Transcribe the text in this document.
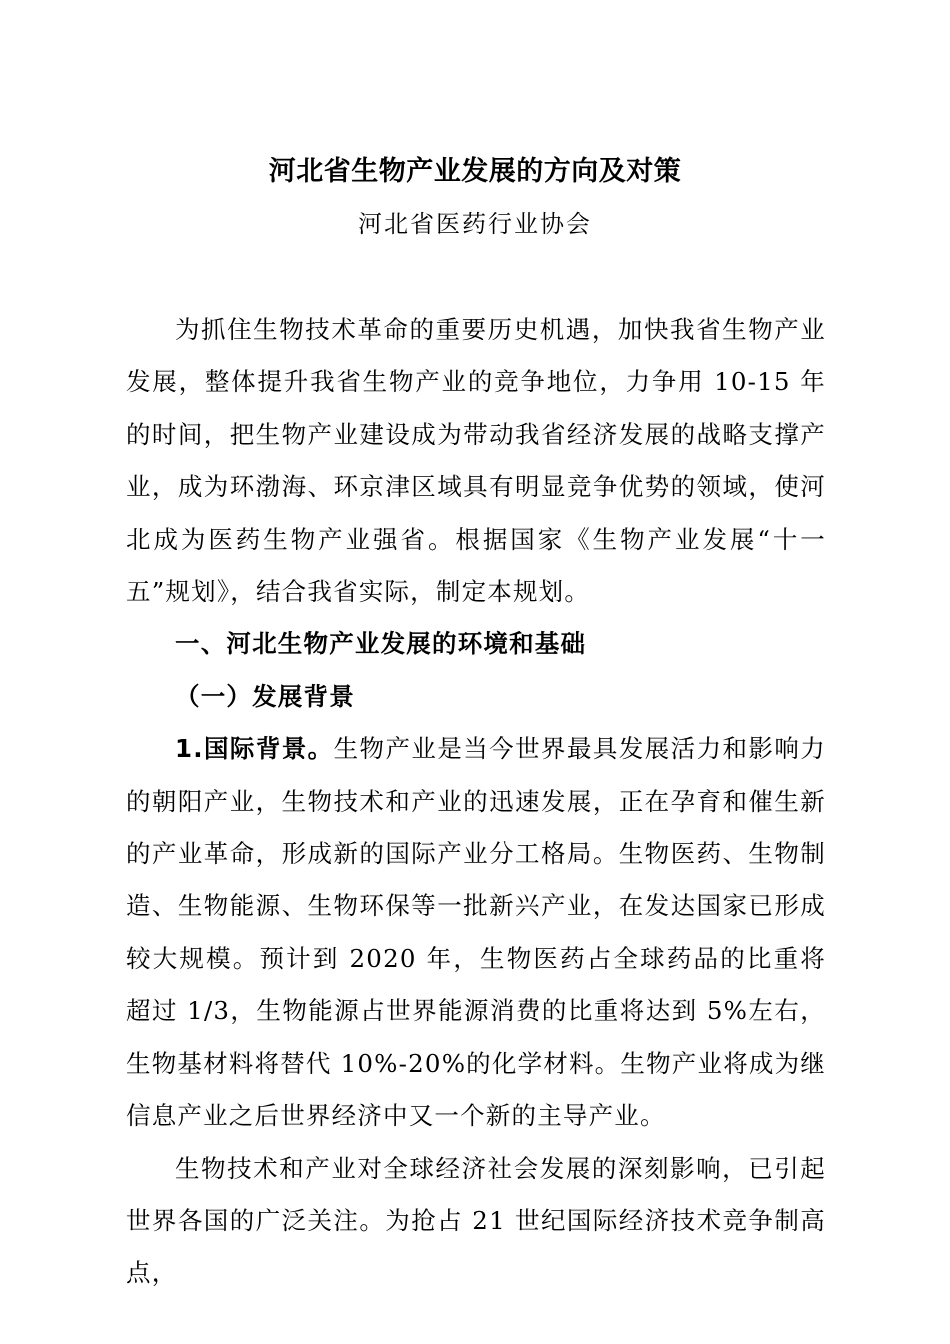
河北省生物产业发展的方向及对策
河北省医药行业协会

为抓住生物技术革命的重要历史机遇，加快我省生物产业发展，整体提升我省生物产业的竞争地位，力争用 10-15 年的时间，把生物产业建设成为带动我省经济发展的战略支撑产业，成为环渤海、环京津区域具有明显竞争优势的领域，使河北成为医药生物产业强省。根据国家《生物产业发展“十一五”规划》，结合我省实际，制定本规划。

一、河北生物产业发展的环境和基础

（一）发展背景

1.国际背景。生物产业是当今世界最具发展活力和影响力的朝阳产业，生物技术和产业的迅速发展，正在孕育和催生新的产业革命，形成新的国际产业分工格局。生物医药、生物制造、生物能源、生物环保等一批新兴产业，在发达国家已形成较大规模。预计到 2020 年，生物医药占全球药品的比重将超过 1/3，生物能源占世界能源消费的比重将达到 5%左右，生物基材料将替代 10%-20%的化学材料。生物产业将成为继信息产业之后世界经济中又一个新的主导产业。

生物技术和产业对全球经济社会发展的深刻影响，已引起世界各国的广泛关注。为抢占 21 世纪国际经济技术竞争制高点，
